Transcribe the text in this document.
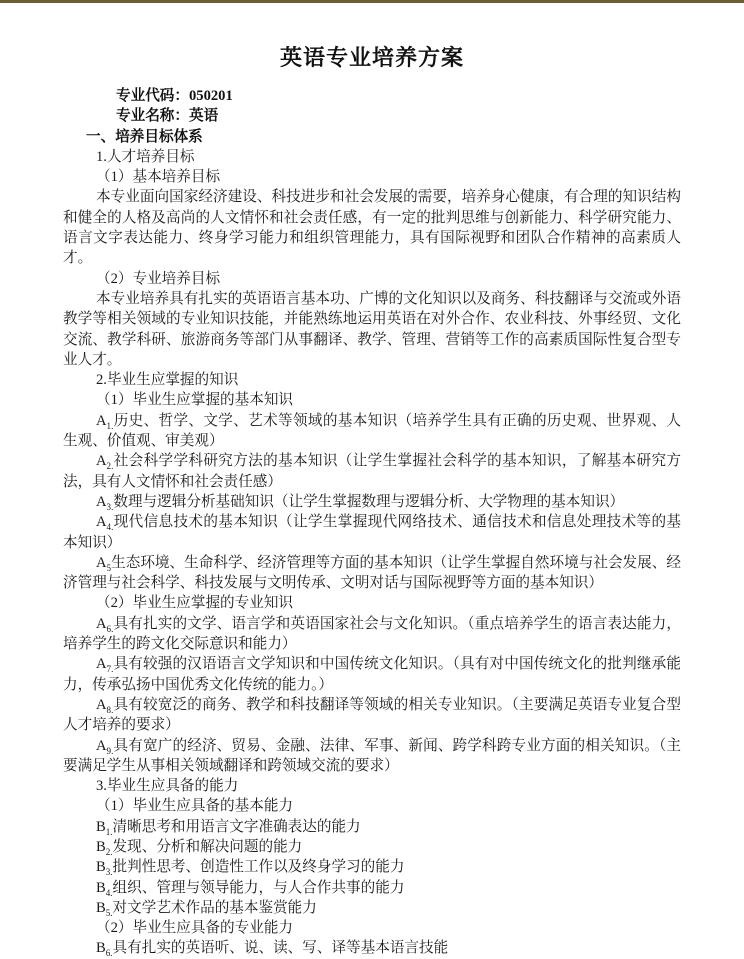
英语专业培养方案

专业代码：050201

专业名称：英语

一、培养目标体系

1.人才培养目标

（1）基本培养目标

本专业面向国家经济建设、科技进步和社会发展的需要，培养身心健康，有合理的知识结构和健全的人格及高尚的人文情怀和社会责任感，有一定的批判思维与创新能力、科学研究能力、语言文字表达能力、终身学习能力和组织管理能力，具有国际视野和团队合作精神的高素质人才。

（2）专业培养目标

本专业培养具有扎实的英语语言基本功、广博的文化知识以及商务、科技翻译与交流或外语教学等相关领域的专业知识技能，并能熟练地运用英语在对外合作、农业科技、外事经贸、文化交流、教学科研、旅游商务等部门从事翻译、教学、管理、营销等工作的高素质国际性复合型专业人才。

2.毕业生应掌握的知识

（1）毕业生应掌握的基本知识

$A_{1.}$历史、哲学、文学、艺术等领域的基本知识（培养学生具有正确的历史观、世界观、人生观、价值观、审美观）

$A_{2.}$社会科学学科研究方法的基本知识（让学生掌握社会科学的基本知识，了解基本研究方法，具有人文情怀和社会责任感）

$A_{3.}$数理与逻辑分析基础知识（让学生掌握数理与逻辑分析、大学物理的基本知识）

$A_{4.}$现代信息技术的基本知识（让学生掌握现代网络技术、通信技术和信息处理技术等的基本知识）

$A_5$生态环境、生命科学、经济管理等方面的基本知识（让学生掌握自然环境与社会发展、经济管理与社会科学、科技发展与文明传承、文明对话与国际视野等方面的基本知识）

（2）毕业生应掌握的专业知识

$A_{6.}$具有扎实的文学、语言学和英语国家社会与文化知识。（重点培养学生的语言表达能力，培养学生的跨文化交际意识和能力）

$A_{7.}$具有较强的汉语语言文学知识和中国传统文化知识。（具有对中国传统文化的批判继承能力，传承弘扬中国优秀文化传统的能力。）

$A_{8.}$具有较宽泛的商务、教学和科技翻译等领域的相关专业知识。（主要满足英语专业复合型人才培养的要求）

$A_{9.}$具有宽广的经济、贸易、金融、法律、军事、新闻、跨学科跨专业方面的相关知识。（主要满足学生从事相关领域翻译和跨领域交流的要求）

3.毕业生应具备的能力

（1）毕业生应具备的基本能力

$B_{1.}$清晰思考和用语言文字准确表达的能力

$B_{2.}$发现、分析和解决问题的能力

$B_{3.}$批判性思考、创造性工作以及终身学习的能力

$B_{4.}$组织、管理与领导能力，与人合作共事的能力

$B_{5.}$对文学艺术作品的基本鉴赏能力

（2）毕业生应具备的专业能力

$B_{6.}$具有扎实的英语听、说、读、写、译等基本语言技能
